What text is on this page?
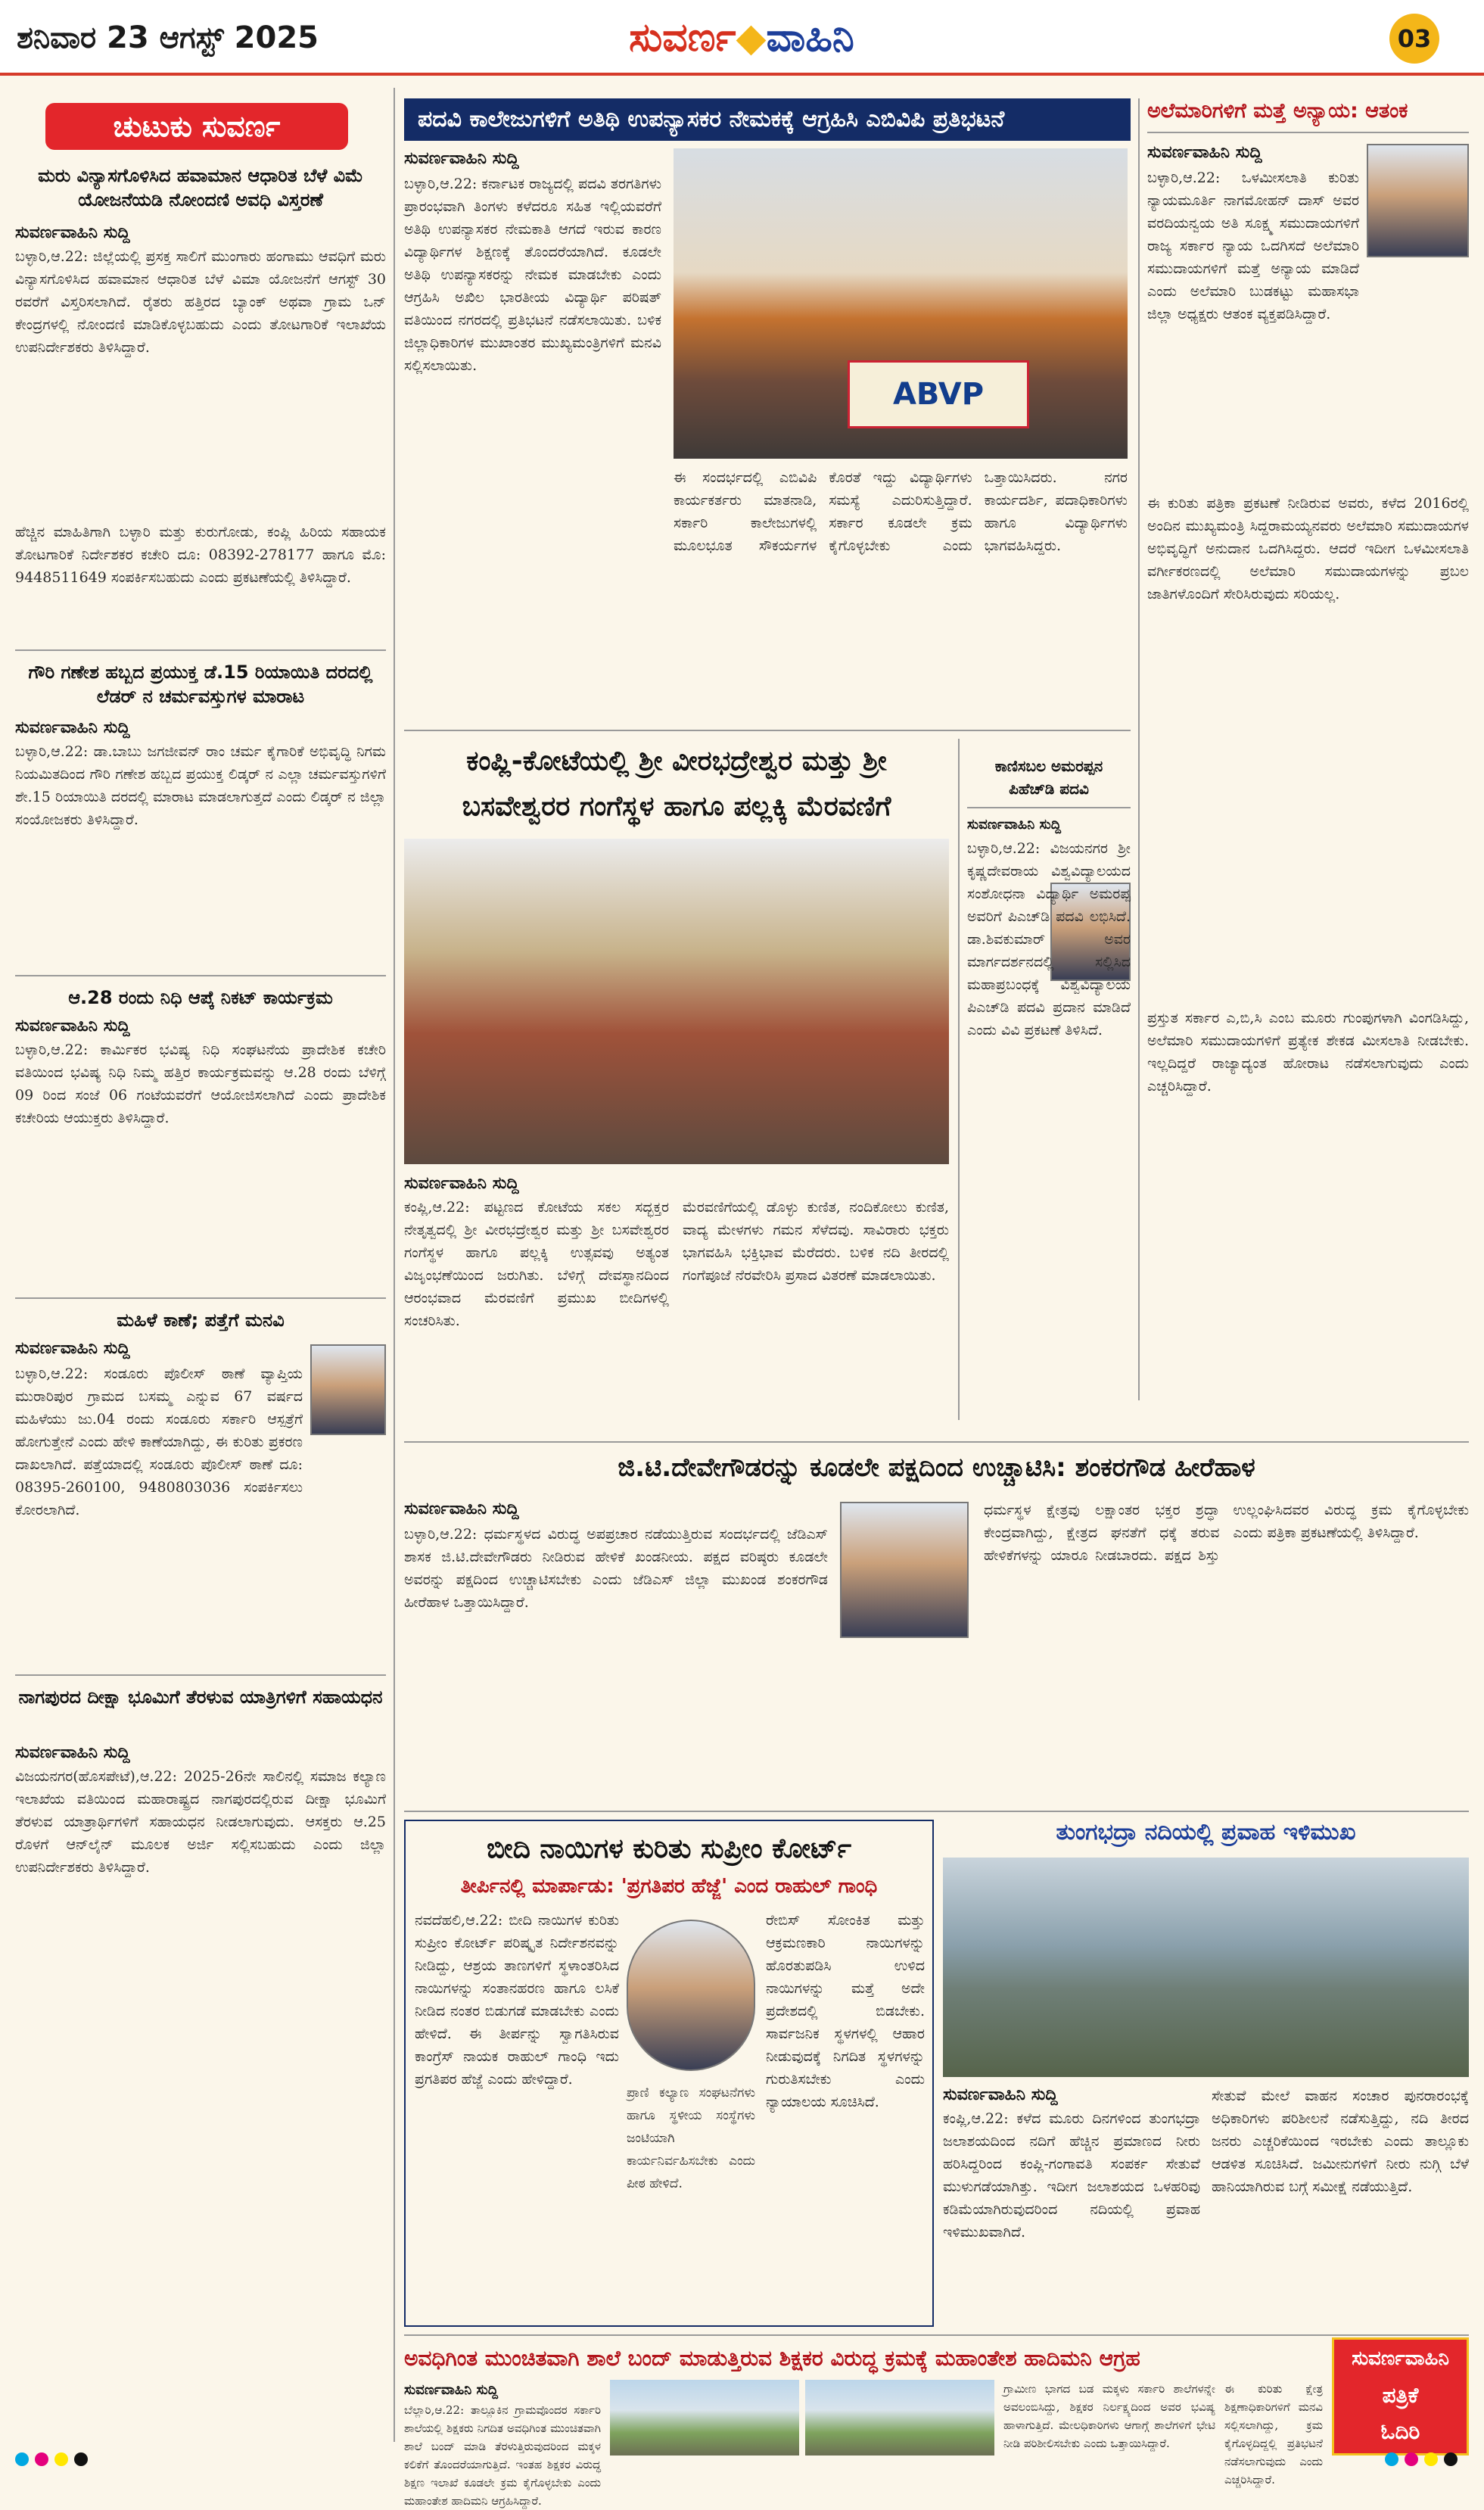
ಶನಿವಾರ 23 ಆಗಸ್ಟ್ 2025	ಸುವರ್ಣ◆ವಾಹಿನಿ	03
ಚುಟುಕು ಸುವರ್ಣ
ಮರು ವಿನ್ಯಾಸಗೊಳಿಸಿದ ಹವಾಮಾನ ಆಧಾರಿತ ಬೆಳೆ ವಿಮೆ ಯೋಜನೆಯಡಿ ನೋಂದಣಿ ಅವಧಿ ವಿಸ್ತರಣೆ
ಸುವರ್ಣವಾಹಿನಿ ಸುದ್ದಿ
ಬಳ್ಳಾರಿ,ಆ.22: ಜಿಲ್ಲೆಯಲ್ಲಿ ಪ್ರಸಕ್ತ ಸಾಲಿಗೆ ಮುಂಗಾರು ಹಂಗಾಮು ಆವಧಿಗೆ ಮರು ವಿನ್ಯಾಸಗೊಳಿಸಿದ ಹವಾಮಾನ ಆಧಾರಿತ ಬೆಳೆ ವಿಮಾ ಯೋಜನೆಗೆ ಆಗಸ್ಟ್ 30 ರವರೆಗೆ ವಿಸ್ತರಿಸಲಾಗಿದೆ. ರೈತರು ಹತ್ತಿರದ ಬ್ಯಾಂಕ್ ಅಥವಾ ಗ್ರಾಮ ಒನ್ ಕೇಂದ್ರಗಳಲ್ಲಿ ನೋಂದಣಿ ಮಾಡಿಕೊಳ್ಳಬಹುದು ಎಂದು ತೋಟಗಾರಿಕೆ ಇಲಾಖೆಯ ಉಪನಿರ್ದೇಶಕರು ತಿಳಿಸಿದ್ದಾರೆ.
ಹೆಚ್ಚಿನ ಮಾಹಿತಿಗಾಗಿ ಬಳ್ಳಾರಿ ಮತ್ತು ಕುರುಗೋಡು, ಕಂಪ್ಲಿ ಹಿರಿಯ ಸಹಾಯಕ ತೋಟಗಾರಿಕೆ ನಿರ್ದೇಶಕರ ಕಚೇರಿ ದೂ: 08392-278177 ಹಾಗೂ ಮೊ: 9448511649 ಸಂಪರ್ಕಿಸಬಹುದು ಎಂದು ಪ್ರಕಟಣೆಯಲ್ಲಿ ತಿಳಿಸಿದ್ದಾರೆ.
ಗೌರಿ ಗಣೇಶ ಹಬ್ಬದ ಪ್ರಯುಕ್ತ ಡೆ.15 ರಿಯಾಯಿತಿ ದರದಲ್ಲಿ ಲೆಡರ್ ನ ಚರ್ಮವಸ್ತುಗಳ ಮಾರಾಟ
ಸುವರ್ಣವಾಹಿನಿ ಸುದ್ದಿ
ಬಳ್ಳಾರಿ,ಆ.22: ಡಾ.ಬಾಬು ಜಗಜೀವನ್ ರಾಂ ಚರ್ಮ ಕೈಗಾರಿಕೆ ಅಭಿವೃದ್ಧಿ ನಿಗಮ ನಿಯಮಿತದಿಂದ ಗೌರಿ ಗಣೇಶ ಹಬ್ಬದ ಪ್ರಯುಕ್ತ ಲಿಡ್ಕರ್ ನ ಎಲ್ಲಾ ಚರ್ಮವಸ್ತುಗಳಿಗೆ ಶೇ.15 ರಿಯಾಯಿತಿ ದರದಲ್ಲಿ ಮಾರಾಟ ಮಾಡಲಾಗುತ್ತದೆ ಎಂದು ಲಿಡ್ಕರ್ ನ ಜಿಲ್ಲಾ ಸಂಯೋಜಕರು ತಿಳಿಸಿದ್ದಾರೆ.
ಆ.28 ರಂದು ನಿಧಿ ಆಪ್ಕೆ ನಿಕಟ್ ಕಾರ್ಯಕ್ರಮ
ಸುವರ್ಣವಾಹಿನಿ ಸುದ್ದಿ
ಬಳ್ಳಾರಿ,ಆ.22: ಕಾರ್ಮಿಕರ ಭವಿಷ್ಯ ನಿಧಿ ಸಂಘಟನೆಯ ಪ್ರಾದೇಶಿಕ ಕಚೇರಿ ವತಿಯಿಂದ ಭವಿಷ್ಯ ನಿಧಿ ನಿಮ್ಮ ಹತ್ತಿರ ಕಾರ್ಯಕ್ರಮವನ್ನು ಆ.28 ರಂದು ಬೆಳಿಗ್ಗೆ 09 ರಿಂದ ಸಂಜೆ 06 ಗಂಟೆಯವರೆಗೆ ಆಯೋಜಿಸಲಾಗಿದೆ ಎಂದು ಪ್ರಾದೇಶಿಕ ಕಚೇರಿಯ ಆಯುಕ್ತರು ತಿಳಿಸಿದ್ದಾರೆ.
ಮಹಿಳೆ ಕಾಣೆ; ಪತ್ತೆಗೆ ಮನವಿ
ಸುವರ್ಣವಾಹಿನಿ ಸುದ್ದಿ
ಬಳ್ಳಾರಿ,ಆ.22: ಸಂಡೂರು ಪೊಲೀಸ್ ಠಾಣೆ ವ್ಯಾಪ್ತಿಯ ಮುರಾರಿಪುರ ಗ್ರಾಮದ ಬಸಮ್ಮ ಎನ್ನುವ 67 ವರ್ಷದ ಮಹಿಳೆಯು ಜು.04 ರಂದು ಸಂಡೂರು ಸರ್ಕಾರಿ ಆಸ್ಪತ್ರೆಗೆ ಹೋಗುತ್ತೇನೆ ಎಂದು ಹೇಳಿ ಕಾಣೆಯಾಗಿದ್ದು, ಈ ಕುರಿತು ಪ್ರಕರಣ ದಾಖಲಾಗಿದೆ. ಪತ್ತೆಯಾದಲ್ಲಿ ಸಂಡೂರು ಪೊಲೀಸ್ ಠಾಣೆ ದೂ: 08395-260100, 9480803036 ಸಂಪರ್ಕಿಸಲು ಕೋರಲಾಗಿದೆ.
ನಾಗಪುರದ ದೀಕ್ಷಾ ಭೂಮಿಗೆ ತೆರಳುವ ಯಾತ್ರಿಗಳಿಗೆ ಸಹಾಯಧನ
ಸುವರ್ಣವಾಹಿನಿ ಸುದ್ದಿ
ವಿಜಯನಗರ(ಹೊಸಪೇಟೆ),ಆ.22: 2025-26ನೇ ಸಾಲಿನಲ್ಲಿ ಸಮಾಜ ಕಲ್ಯಾಣ ಇಲಾಖೆಯ ವತಿಯಿಂದ ಮಹಾರಾಷ್ಟ್ರದ ನಾಗಪುರದಲ್ಲಿರುವ ದೀಕ್ಷಾ ಭೂಮಿಗೆ ತೆರಳುವ ಯಾತ್ರಾರ್ಥಿಗಳಿಗೆ ಸಹಾಯಧನ ನೀಡಲಾಗುವುದು. ಆಸಕ್ತರು ಆ.25 ರೊಳಗೆ ಆನ್‌ಲೈನ್ ಮೂಲಕ ಅರ್ಜಿ ಸಲ್ಲಿಸಬಹುದು ಎಂದು ಜಿಲ್ಲಾ ಉಪನಿರ್ದೇಶಕರು ತಿಳಿಸಿದ್ದಾರೆ.
ಪದವಿ ಕಾಲೇಜುಗಳಿಗೆ ಅತಿಥಿ ಉಪನ್ಯಾಸಕರ ನೇಮಕಕ್ಕೆ ಆಗ್ರಹಿಸಿ ಎಬಿವಿಪಿ ಪ್ರತಿಭಟನೆ
ಸುವರ್ಣವಾಹಿನಿ ಸುದ್ದಿ
ಬಳ್ಳಾರಿ,ಆ.22: ಕರ್ನಾಟಕ ರಾಜ್ಯದಲ್ಲಿ ಪದವಿ ತರಗತಿಗಳು ಪ್ರಾರಂಭವಾಗಿ ತಿಂಗಳು ಕಳೆದರೂ ಸಹಿತ ಇಲ್ಲಿಯವರೆಗೆ ಅತಿಥಿ ಉಪನ್ಯಾಸಕರ ನೇಮಕಾತಿ ಆಗದೆ ಇರುವ ಕಾರಣ ವಿದ್ಯಾರ್ಥಿಗಳ ಶಿಕ್ಷಣಕ್ಕೆ ತೊಂದರೆಯಾಗಿದೆ. ಕೂಡಲೇ ಅತಿಥಿ ಉಪನ್ಯಾಸಕರನ್ನು ನೇಮಕ ಮಾಡಬೇಕು ಎಂದು ಆಗ್ರಹಿಸಿ ಅಖಿಲ ಭಾರತೀಯ ವಿದ್ಯಾರ್ಥಿ ಪರಿಷತ್ ವತಿಯಿಂದ ನಗರದಲ್ಲಿ ಪ್ರತಿಭಟನೆ ನಡೆಸಲಾಯಿತು. ಬಳಿಕ ಜಿಲ್ಲಾಧಿಕಾರಿಗಳ ಮುಖಾಂತರ ಮುಖ್ಯಮಂತ್ರಿಗಳಿಗೆ ಮನವಿ ಸಲ್ಲಿಸಲಾಯಿತು.
ABVP
ಈ ಸಂದರ್ಭದಲ್ಲಿ ಎಬಿವಿಪಿ ಕಾರ್ಯಕರ್ತರು ಮಾತನಾಡಿ, ಸರ್ಕಾರಿ ಕಾಲೇಜುಗಳಲ್ಲಿ ಮೂಲಭೂತ ಸೌಕರ್ಯಗಳ ಕೊರತೆ ಇದ್ದು ವಿದ್ಯಾರ್ಥಿಗಳು ಸಮಸ್ಯೆ ಎದುರಿಸುತ್ತಿದ್ದಾರೆ. ಸರ್ಕಾರ ಕೂಡಲೇ ಕ್ರಮ ಕೈಗೊಳ್ಳಬೇಕು ಎಂದು ಒತ್ತಾಯಿಸಿದರು. ನಗರ ಕಾರ್ಯದರ್ಶಿ, ಪದಾಧಿಕಾರಿಗಳು ಹಾಗೂ ವಿದ್ಯಾರ್ಥಿಗಳು ಭಾಗವಹಿಸಿದ್ದರು.
ಅಲೆಮಾರಿಗಳಿಗೆ ಮತ್ತೆ ಅನ್ಯಾಯ: ಆತಂಕ
ಸುವರ್ಣವಾಹಿನಿ ಸುದ್ದಿ
ಬಳ್ಳಾರಿ,ಆ.22: ಒಳಮೀಸಲಾತಿ ಕುರಿತು ನ್ಯಾಯಮೂರ್ತಿ ನಾಗಮೋಹನ್ ದಾಸ್ ಅವರ ವರದಿಯನ್ವಯ ಅತಿ ಸೂಕ್ಷ್ಮ ಸಮುದಾಯಗಳಿಗೆ ರಾಜ್ಯ ಸರ್ಕಾರ ನ್ಯಾಯ ಒದಗಿಸದೆ ಅಲೆಮಾರಿ ಸಮುದಾಯಗಳಿಗೆ ಮತ್ತೆ ಅನ್ಯಾಯ ಮಾಡಿದೆ ಎಂದು ಅಲೆಮಾರಿ ಬುಡಕಟ್ಟು ಮಹಾಸಭಾ ಜಿಲ್ಲಾ ಅಧ್ಯಕ್ಷರು ಆತಂಕ ವ್ಯಕ್ತಪಡಿಸಿದ್ದಾರೆ.
ಈ ಕುರಿತು ಪತ್ರಿಕಾ ಪ್ರಕಟಣೆ ನೀಡಿರುವ ಅವರು, ಕಳೆದ 2016ರಲ್ಲಿ ಅಂದಿನ ಮುಖ್ಯಮಂತ್ರಿ ಸಿದ್ದರಾಮಯ್ಯನವರು ಅಲೆಮಾರಿ ಸಮುದಾಯಗಳ ಅಭಿವೃದ್ಧಿಗೆ ಅನುದಾನ ಒದಗಿಸಿದ್ದರು. ಆದರೆ ಇದೀಗ ಒಳಮೀಸಲಾತಿ ವರ್ಗೀಕರಣದಲ್ಲಿ ಅಲೆಮಾರಿ ಸಮುದಾಯಗಳನ್ನು ಪ್ರಬಲ ಜಾತಿಗಳೊಂದಿಗೆ ಸೇರಿಸಿರುವುದು ಸರಿಯಲ್ಲ.
ಪ್ರಸ್ತುತ ಸರ್ಕಾರ ಎ,ಬಿ,ಸಿ ಎಂಬ ಮೂರು ಗುಂಪುಗಳಾಗಿ ವಿಂಗಡಿಸಿದ್ದು, ಅಲೆಮಾರಿ ಸಮುದಾಯಗಳಿಗೆ ಪ್ರತ್ಯೇಕ ಶೇಕಡ ಮೀಸಲಾತಿ ನೀಡಬೇಕು. ಇಲ್ಲದಿದ್ದರೆ ರಾಜ್ಯಾದ್ಯಂತ ಹೋರಾಟ ನಡೆಸಲಾಗುವುದು ಎಂದು ಎಚ್ಚರಿಸಿದ್ದಾರೆ.
ಕಂಪ್ಲಿ-ಕೋಟೆಯಲ್ಲಿ ಶ್ರೀ ವೀರಭದ್ರೇಶ್ವರ ಮತ್ತು ಶ್ರೀ
ಬಸವೇಶ್ವರರ ಗಂಗೆಸ್ಥಳ ಹಾಗೂ ಪಲ್ಲಕ್ಕಿ ಮೆರವಣಿಗೆ
ಸುವರ್ಣವಾಹಿನಿ ಸುದ್ದಿ
ಕಂಪ್ಲಿ,ಆ.22: ಪಟ್ಟಣದ ಕೋಟೆಯ ಸಕಲ ಸದ್ಭಕ್ತರ ನೇತೃತ್ವದಲ್ಲಿ ಶ್ರೀ ವೀರಭದ್ರೇಶ್ವರ ಮತ್ತು ಶ್ರೀ ಬಸವೇಶ್ವರರ ಗಂಗೆಸ್ಥಳ ಹಾಗೂ ಪಲ್ಲಕ್ಕಿ ಉತ್ಸವವು ಅತ್ಯಂತ ವಿಜೃಂಭಣೆಯಿಂದ ಜರುಗಿತು. ಬೆಳಿಗ್ಗೆ ದೇವಸ್ಥಾನದಿಂದ ಆರಂಭವಾದ ಮೆರವಣಿಗೆ ಪ್ರಮುಖ ಬೀದಿಗಳಲ್ಲಿ ಸಂಚರಿಸಿತು.
ಮೆರವಣಿಗೆಯಲ್ಲಿ ಡೊಳ್ಳು ಕುಣಿತ, ನಂದಿಕೋಲು ಕುಣಿತ, ವಾದ್ಯ ಮೇಳಗಳು ಗಮನ ಸೆಳೆದವು. ಸಾವಿರಾರು ಭಕ್ತರು ಭಾಗವಹಿಸಿ ಭಕ್ತಿಭಾವ ಮೆರೆದರು. ಬಳಿಕ ನದಿ ತೀರದಲ್ಲಿ ಗಂಗೆಪೂಜೆ ನೆರವೇರಿಸಿ ಪ್ರಸಾದ ವಿತರಣೆ ಮಾಡಲಾಯಿತು.
ಕಾಣಿಸಬಲ ಅಮರಪ್ಪನ
ಪಿಹೆಚ್‌ಡಿ ಪದವಿ
ಸುವರ್ಣವಾಹಿನಿ ಸುದ್ದಿ
ಬಳ್ಳಾರಿ,ಆ.22: ವಿಜಯನಗರ ಶ್ರೀ ಕೃಷ್ಣದೇವರಾಯ ವಿಶ್ವವಿದ್ಯಾಲಯದ ಸಂಶೋಧನಾ ವಿದ್ಯಾರ್ಥಿ ಅಮರಪ್ಪ ಅವರಿಗೆ ಪಿಎಚ್‌ಡಿ ಪದವಿ ಲಭಿಸಿದೆ. ಡಾ.ಶಿವಕುಮಾರ್ ಅವರ ಮಾರ್ಗದರ್ಶನದಲ್ಲಿ ಸಲ್ಲಿಸಿದ ಮಹಾಪ್ರಬಂಧಕ್ಕೆ ವಿಶ್ವವಿದ್ಯಾಲಯ ಪಿಎಚ್‌ಡಿ ಪದವಿ ಪ್ರದಾನ ಮಾಡಿದೆ ಎಂದು ವಿವಿ ಪ್ರಕಟಣೆ ತಿಳಿಸಿದೆ.
ಜಿ.ಟಿ.ದೇವೇಗೌಡರನ್ನು ಕೂಡಲೇ ಪಕ್ಷದಿಂದ ಉಚ್ಚಾಟಿಸಿ: ಶಂಕರಗೌಡ ಹೀರೆಹಾಳ
ಸುವರ್ಣವಾಹಿನಿ ಸುದ್ದಿ
ಬಳ್ಳಾರಿ,ಆ.22: ಧರ್ಮಸ್ಥಳದ ವಿರುದ್ಧ ಅಪಪ್ರಚಾರ ನಡೆಯುತ್ತಿರುವ ಸಂದರ್ಭದಲ್ಲಿ ಜೆಡಿಎಸ್ ಶಾಸಕ ಜಿ.ಟಿ.ದೇವೇಗೌಡರು ನೀಡಿರುವ ಹೇಳಿಕೆ ಖಂಡನೀಯ. ಪಕ್ಷದ ವರಿಷ್ಠರು ಕೂಡಲೇ ಅವರನ್ನು ಪಕ್ಷದಿಂದ ಉಚ್ಚಾಟಿಸಬೇಕು ಎಂದು ಜೆಡಿಎಸ್ ಜಿಲ್ಲಾ ಮುಖಂಡ ಶಂಕರಗೌಡ ಹೀರೆಹಾಳ ಒತ್ತಾಯಿಸಿದ್ದಾರೆ.
ಧರ್ಮಸ್ಥಳ ಕ್ಷೇತ್ರವು ಲಕ್ಷಾಂತರ ಭಕ್ತರ ಶ್ರದ್ಧಾ ಕೇಂದ್ರವಾಗಿದ್ದು, ಕ್ಷೇತ್ರದ ಘನತೆಗೆ ಧಕ್ಕೆ ತರುವ ಹೇಳಿಕೆಗಳನ್ನು ಯಾರೂ ನೀಡಬಾರದು. ಪಕ್ಷದ ಶಿಸ್ತು ಉಲ್ಲಂಘಿಸಿದವರ ವಿರುದ್ಧ ಕ್ರಮ ಕೈಗೊಳ್ಳಬೇಕು ಎಂದು ಪತ್ರಿಕಾ ಪ್ರಕಟಣೆಯಲ್ಲಿ ತಿಳಿಸಿದ್ದಾರೆ.
ಬೀದಿ ನಾಯಿಗಳ ಕುರಿತು ಸುಪ್ರೀಂ ಕೋರ್ಟ್
ತೀರ್ಪಿನಲ್ಲಿ ಮಾರ್ಪಾಡು: 'ಪ್ರಗತಿಪರ ಹೆಜ್ಜೆ' ಎಂದ ರಾಹುಲ್ ಗಾಂಧಿ
ನವದೆಹಲಿ,ಆ.22: ಬೀದಿ ನಾಯಿಗಳ ಕುರಿತು ಸುಪ್ರೀಂ ಕೋರ್ಟ್ ಪರಿಷ್ಕೃತ ನಿರ್ದೇಶನವನ್ನು ನೀಡಿದ್ದು, ಆಶ್ರಯ ತಾಣಗಳಿಗೆ ಸ್ಥಳಾಂತರಿಸಿದ ನಾಯಿಗಳನ್ನು ಸಂತಾನಹರಣ ಹಾಗೂ ಲಸಿಕೆ ನೀಡಿದ ನಂತರ ಬಿಡುಗಡೆ ಮಾಡಬೇಕು ಎಂದು ಹೇಳಿದೆ. ಈ ತೀರ್ಪನ್ನು ಸ್ವಾಗತಿಸಿರುವ ಕಾಂಗ್ರೆಸ್ ನಾಯಕ ರಾಹುಲ್ ಗಾಂಧಿ ಇದು ಪ್ರಗತಿಪರ ಹೆಜ್ಜೆ ಎಂದು ಹೇಳಿದ್ದಾರೆ.
ರೇಬಿಸ್ ಸೋಂಕಿತ ಮತ್ತು ಆಕ್ರಮಣಕಾರಿ ನಾಯಿಗಳನ್ನು ಹೊರತುಪಡಿಸಿ ಉಳಿದ ನಾಯಿಗಳನ್ನು ಮತ್ತೆ ಅದೇ ಪ್ರದೇಶದಲ್ಲಿ ಬಿಡಬೇಕು. ಸಾರ್ವಜನಿಕ ಸ್ಥಳಗಳಲ್ಲಿ ಆಹಾರ ನೀಡುವುದಕ್ಕೆ ನಿಗದಿತ ಸ್ಥಳಗಳನ್ನು ಗುರುತಿಸಬೇಕು ಎಂದು ನ್ಯಾಯಾಲಯ ಸೂಚಿಸಿದೆ.
ಪ್ರಾಣಿ ಕಲ್ಯಾಣ ಸಂಘಟನೆಗಳು ಹಾಗೂ ಸ್ಥಳೀಯ ಸಂಸ್ಥೆಗಳು ಜಂಟಿಯಾಗಿ ಕಾರ್ಯನಿರ್ವಹಿಸಬೇಕು ಎಂದು ಪೀಠ ಹೇಳಿದೆ.
ತುಂಗಭದ್ರಾ ನದಿಯಲ್ಲಿ ಪ್ರವಾಹ ಇಳಿಮುಖ
ಸುವರ್ಣವಾಹಿನಿ ಸುದ್ದಿ
ಕಂಪ್ಲಿ,ಆ.22: ಕಳೆದ ಮೂರು ದಿನಗಳಿಂದ ತುಂಗಭದ್ರಾ ಜಲಾಶಯದಿಂದ ನದಿಗೆ ಹೆಚ್ಚಿನ ಪ್ರಮಾಣದ ನೀರು ಹರಿಸಿದ್ದರಿಂದ ಕಂಪ್ಲಿ-ಗಂಗಾವತಿ ಸಂಪರ್ಕ ಸೇತುವೆ ಮುಳುಗಡೆಯಾಗಿತ್ತು. ಇದೀಗ ಜಲಾಶಯದ ಒಳಹರಿವು ಕಡಿಮೆಯಾಗಿರುವುದರಿಂದ ನದಿಯಲ್ಲಿ ಪ್ರವಾಹ ಇಳಿಮುಖವಾಗಿದೆ.
ಸೇತುವೆ ಮೇಲೆ ವಾಹನ ಸಂಚಾರ ಪುನರಾರಂಭಕ್ಕೆ ಅಧಿಕಾರಿಗಳು ಪರಿಶೀಲನೆ ನಡೆಸುತ್ತಿದ್ದು, ನದಿ ತೀರದ ಜನರು ಎಚ್ಚರಿಕೆಯಿಂದ ಇರಬೇಕು ಎಂದು ತಾಲ್ಲೂಕು ಆಡಳಿತ ಸೂಚಿಸಿದೆ. ಜಮೀನುಗಳಿಗೆ ನೀರು ನುಗ್ಗಿ ಬೆಳೆ ಹಾನಿಯಾಗಿರುವ ಬಗ್ಗೆ ಸಮೀಕ್ಷೆ ನಡೆಯುತ್ತಿದೆ.
ಅವಧಿಗಿಂತ ಮುಂಚಿತವಾಗಿ ಶಾಲೆ ಬಂದ್ ಮಾಡುತ್ತಿರುವ ಶಿಕ್ಷಕರ ವಿರುದ್ಧ ಕ್ರಮಕ್ಕೆ ಮಹಾಂತೇಶ ಹಾದಿಮನಿ ಆಗ್ರಹ
ಸುವರ್ಣವಾಹಿನಿ ಸುದ್ದಿ
ಬೆಲ್ಲಾರಿ,ಆ.22: ತಾಲ್ಲೂಕಿನ ಗ್ರಾಮವೊಂದರ ಸರ್ಕಾರಿ ಶಾಲೆಯಲ್ಲಿ ಶಿಕ್ಷಕರು ನಿಗದಿತ ಅವಧಿಗಿಂತ ಮುಂಚಿತವಾಗಿ ಶಾಲೆ ಬಂದ್ ಮಾಡಿ ತೆರಳುತ್ತಿರುವುದರಿಂದ ಮಕ್ಕಳ ಕಲಿಕೆಗೆ ತೊಂದರೆಯಾಗುತ್ತಿದೆ. ಇಂತಹ ಶಿಕ್ಷಕರ ವಿರುದ್ಧ ಶಿಕ್ಷಣ ಇಲಾಖೆ ಕೂಡಲೇ ಕ್ರಮ ಕೈಗೊಳ್ಳಬೇಕು ಎಂದು ಮಹಾಂತೇಶ ಹಾದಿಮನಿ ಆಗ್ರಹಿಸಿದ್ದಾರೆ.
ಗ್ರಾಮೀಣ ಭಾಗದ ಬಡ ಮಕ್ಕಳು ಸರ್ಕಾರಿ ಶಾಲೆಗಳನ್ನೇ ಅವಲಂಬಿಸಿದ್ದು, ಶಿಕ್ಷಕರ ನಿರ್ಲಕ್ಷ್ಯದಿಂದ ಅವರ ಭವಿಷ್ಯ ಹಾಳಾಗುತ್ತಿದೆ. ಮೇಲಧಿಕಾರಿಗಳು ಆಗಾಗ್ಗೆ ಶಾಲೆಗಳಿಗೆ ಭೇಟಿ ನೀಡಿ ಪರಿಶೀಲಿಸಬೇಕು ಎಂದು ಒತ್ತಾಯಿಸಿದ್ದಾರೆ.
ಈ ಕುರಿತು ಕ್ಷೇತ್ರ ಶಿಕ್ಷಣಾಧಿಕಾರಿಗಳಿಗೆ ಮನವಿ ಸಲ್ಲಿಸಲಾಗಿದ್ದು, ಕ್ರಮ ಕೈಗೊಳ್ಳದಿದ್ದಲ್ಲಿ ಪ್ರತಿಭಟನೆ ನಡೆಸಲಾಗುವುದು ಎಂದು ಎಚ್ಚರಿಸಿದ್ದಾರೆ.
ಸುವರ್ಣವಾಹಿನಿ
ಪತ್ರಿಕೆ
ಓದಿರಿ
